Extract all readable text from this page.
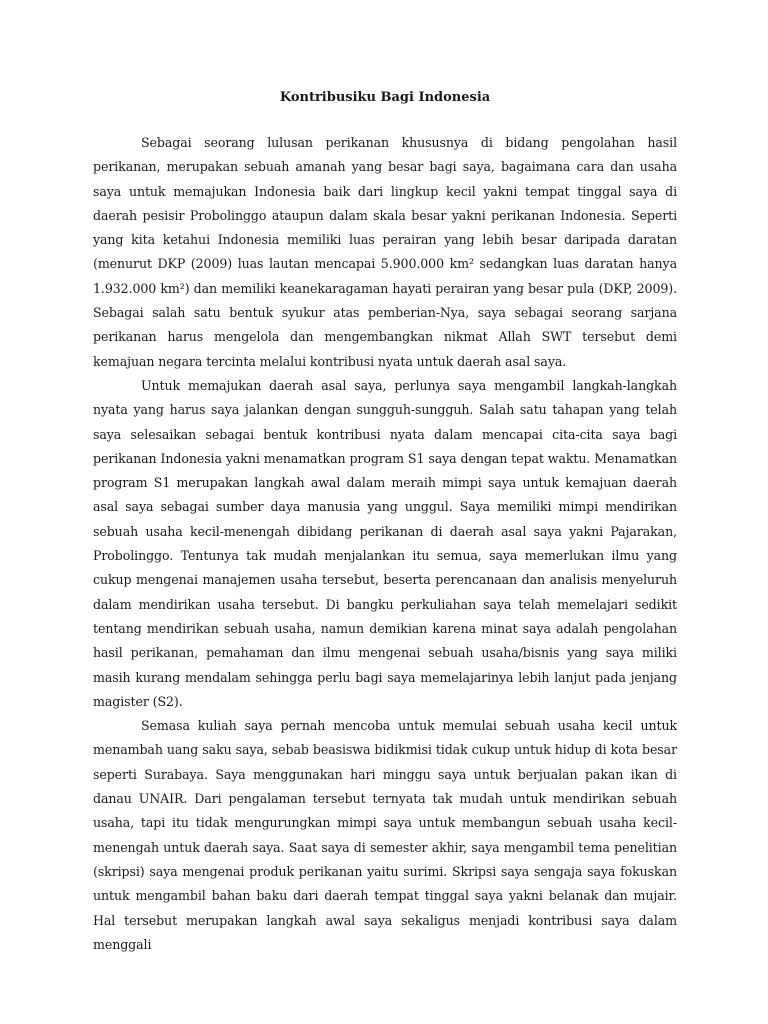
Kontribusiku Bagi Indonesia

Sebagai seorang lulusan perikanan khususnya di bidang pengolahan hasil perikanan, merupakan sebuah amanah yang besar bagi saya, bagaimana cara dan usaha saya untuk memajukan Indonesia baik dari lingkup kecil yakni tempat tinggal saya di daerah pesisir Probolinggo ataupun dalam skala besar yakni perikanan Indonesia. Seperti yang kita ketahui Indonesia memiliki luas perairan yang lebih besar daripada daratan (menurut DKP (2009) luas lautan mencapai 5.900.000 km² sedangkan luas daratan hanya 1.932.000 km²) dan memiliki keanekaragaman hayati perairan yang besar pula (DKP, 2009). Sebagai salah satu bentuk syukur atas pemberian-Nya, saya sebagai seorang sarjana perikanan harus mengelola dan mengembangkan nikmat Allah SWT tersebut demi kemajuan negara tercinta melalui kontribusi nyata untuk daerah asal saya.

Untuk memajukan daerah asal saya, perlunya saya mengambil langkah-langkah nyata yang harus saya jalankan dengan sungguh-sungguh. Salah satu tahapan yang telah saya selesaikan sebagai bentuk kontribusi nyata dalam mencapai cita-cita saya bagi perikanan Indonesia yakni menamatkan program S1 saya dengan tepat waktu. Menamatkan program S1 merupakan langkah awal dalam meraih mimpi saya untuk kemajuan daerah asal saya sebagai sumber daya manusia yang unggul. Saya memiliki mimpi mendirikan sebuah usaha kecil-menengah dibidang perikanan di daerah asal saya yakni Pajarakan, Probolinggo. Tentunya tak mudah menjalankan itu semua, saya memerlukan ilmu yang cukup mengenai manajemen usaha tersebut, beserta perencanaan dan analisis menyeluruh dalam mendirikan usaha tersebut. Di bangku perkuliahan saya telah memelajari sedikit tentang mendirikan sebuah usaha, namun demikian karena minat saya adalah pengolahan hasil perikanan, pemahaman dan ilmu mengenai sebuah usaha/bisnis yang saya miliki masih kurang mendalam sehingga perlu bagi saya memelajarinya lebih lanjut pada jenjang magister (S2).

Semasa kuliah saya pernah mencoba untuk memulai sebuah usaha kecil untuk menambah uang saku saya, sebab beasiswa bidikmisi tidak cukup untuk hidup di kota besar seperti Surabaya. Saya menggunakan hari minggu saya untuk berjualan pakan ikan di danau UNAIR. Dari pengalaman tersebut ternyata tak mudah untuk mendirikan sebuah usaha, tapi itu tidak mengurungkan mimpi saya untuk membangun sebuah usaha kecil-menengah untuk daerah saya. Saat saya di semester akhir, saya mengambil tema penelitian (skripsi) saya mengenai produk perikanan yaitu surimi. Skripsi saya sengaja saya fokuskan untuk mengambil bahan baku dari daerah tempat tinggal saya yakni belanak dan mujair. Hal tersebut merupakan langkah awal saya sekaligus menjadi kontribusi saya dalam menggali
